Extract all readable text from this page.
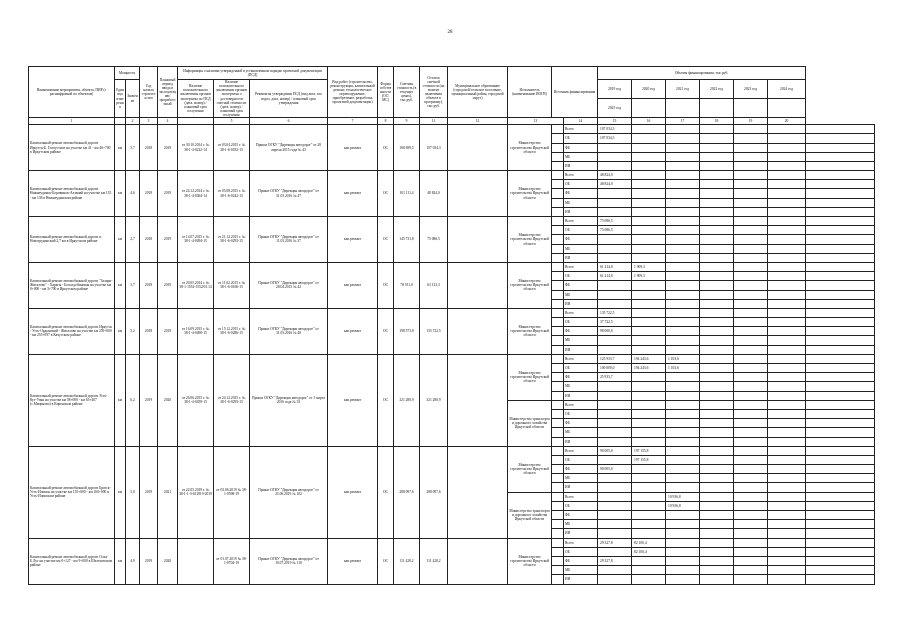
28
Наименование мероприятия, объекта, ПИР (с расшифровкой по объектам)	Мощность		Год начала строительства	Плановый период ввода в эксплуатацию/проработочный	Информация о наличии утвержденной в установленном порядке проектной документации (ПСД)			Вид работ (строительство, реконструкция, капитальный ремонт, технологическое перевооружение, приобретение, разработка проектной документации)	Форма собственности (ОС/МС)	Сметная стоимость (в текущих ценах), тыс.руб.	Остаток сметной стоимости (на момент включения объекта в программу), тыс.руб.	Муниципальное образование (городской/сельское поселение, муниципальный район, городской округ)	Исполнитель (наименование ИОГВ)	Источник финансирования		Объемы финансирования, тыс.руб.						
	Единица измерения	Значение			Наличие положительного заключения органов экспертизы по ПСД (дата, номер) / плановый срок получения	Наличие положительного заключения органов экспертизы о достоверности сметной стоимости (дата, номер) / плановый срок получения	Реквизиты утверждения ПСД (вид акта, кто издал, дата, номер) / плановый срок утверждения									2019 год	2020 год	2021 год	2022 год	2023 год	2024 год	
																2025 год						
1		2	3	4		5	6	7	8	9	11	12	13		14	15	16	17	18	19	20	
Капитальный ремонт автомобильной дороги Иркутск-Б. Голоустное на участке км 41 - км 46+700 в Иркутском районе	км	5,7	2018	2019	от 30.10.2014 г. № 38-1-4-0222-14	от 03.04.2015 г. № 38-1-6-0182-15	Приказ ОГКУ "Дирекция автодорог" от 28 апреля 2015 года № 43	кап.ремонт	ОС	168 699,5	107 034,3		Министерство строительства Иркутской области		Всего	107 034,3						
															ОБ	107 034,3						
															ФБ							
															МБ							
															ИИ							
Капитальный ремонт автомобильной дороги Нижнеудинск-Боровинок-Алзамай на участке км 135 - км 138 в Нижнеудинском районе	км	4,6	2018	2019	от 24.12.2014 г. № 38-1-4-0364-14	от 05.08.2015 г. № 38-1-6-0242-15	Приказ ОГКУ "Дирекция автодорог" от 31.03.2016 № 47	кап.ремонт	ОС	101 111,4	48 824,0		Министерство строительства Иркутской области		Всего	48 824,0						
															ОБ	48 824,0						
															ФБ							
															МБ							
															ИИ							
Капитальный ремонт автомобильной дороги п. Новогрудинский 2,7 км в Иркутском районе	км	2,7	2018	2019	от 14.07.2015 г. № 38-1-4-0494-15	от 21.12.2015 г. № 38-1-6-0293-15	Приказ ОГКУ "Дирекция автодорог" от 11.03.2016 № 37	кап.ремонт	ОС	145 731,8	75 086,5		Министерство строительства Иркутской области		Всего	75 086,5						
															ОБ	75 086,5						
															ФБ							
															МБ							
															ИИ							
Капитальный ремонт автомобильной дороги "Залари-Жигалово" - Харагы - Бохолдобиновая на участке км 0+000 - км 3+700 в Иркутском районе	км	3,7	2018	2019	от 20.05.2014 г. № 38-1-1552-1552/01.14	от 11.02.2015 г. № 38-1-6-0166-15	Приказ ОГКУ "Дирекция автодорог" от 28.04.2015 № 42	кап.ремонт	ОС	78 911,0	63 123,3		Министерство строительства Иркутской области		Всего	61 214,0	1 909,3					
															ОБ	61 214,0	1 909,3					
															ФБ							
															МБ							
															ИИ							
Капитальный ремонт автомобильной дороги Иркутск - Усть-Ордынский - Жигалово на участке км 259+000 - км 255+097 в Качугском районе	км	5,2	2018	2019	от 16.09.2015 г. № 38-1-4-0490-15	от 15.12.2015 г. № 38-1-6-0286-15	Приказ ОГКУ "Дирекция автодорог" от 31.03.2016 № 48	кап.ремонт	ОС	198 573,8	135 722,5		Министерство строительства Иркутской области		Всего	135 722,5						
															ОБ	37 722,5						
															ФБ	98 000,0						
															МБ							
															ИИ							
Капитальный ремонт автомобильной дороги Усть-Кут-Уоян на участке км 58+000 - км 63+407 (с.Мациново) в Киренском районе	км	6,2	2019	2020	от 26.06.2015 г. № 38-1-4-0459-15	от 24.12.2015 г. № 38-1-6-0295-15	Приказ ОГКУ "Дирекция автодорог" от 1 марта 2016 года № 33	кап.ремонт	ОС	321 280,9	321 280,9		Министерство строительства Иркутской области		Всего	125 933,7	194 243,6	1 103,6				
															ОБ	100 000,0	194 243,6	1 103,6				
															ФБ	25 933,7						
															МБ							
															ИИ							
													Министерство транспорта и дорожного хозяйства Иркутской области		Всего							
															ОБ							
															ФБ							
															МБ							
															ИИ							
Капитальный ремонт автомобильной дороги Братск-Усть-Илимск на участке км 155+000 - км 160+000 в Усть-Илимском районе	км	5,0	2019	2021	от 22.05.2019 г. № 38-1-1-3-011819-2019	от 03.06.2019 № 38-1-0598-19	Приказ ОГКУ "Дирекция автодорог" от 25.06.2019 № 102	кап.ремонт	ОС	288 097,6	288 097,6		Министерство строительства Иркутской области		Всего	90 005,0	197 155,8					
															ОБ		197 155,8					
															ФБ	90 005,0						
															МБ							
															ИИ							
													Министерство транспорта и дорожного хозяйства Иркутской области		Всего			10 936,8				
															ОБ			10 936,8				
															ФБ							
															МБ							
															ИИ							
Капитальный ремонт автомобильной дороги Олха-Б.Луг на участке км 0+127 - км 9+000 в Шелеховском районе	км	4,9	2019	2020		от 01.07.2019 № 38-1-0704-19	Приказ ОГКУ "Дирекция автодорог" от 10.07.2019 № 110	кап.ремонт	ОС	111 428,2	111 428,2		Министерство строительства Иркутской области		Всего	29 327,8	82 100,4					
															ОБ		82 100,4					
															ФБ	29 327,8						
															МБ							
															ИИ							
